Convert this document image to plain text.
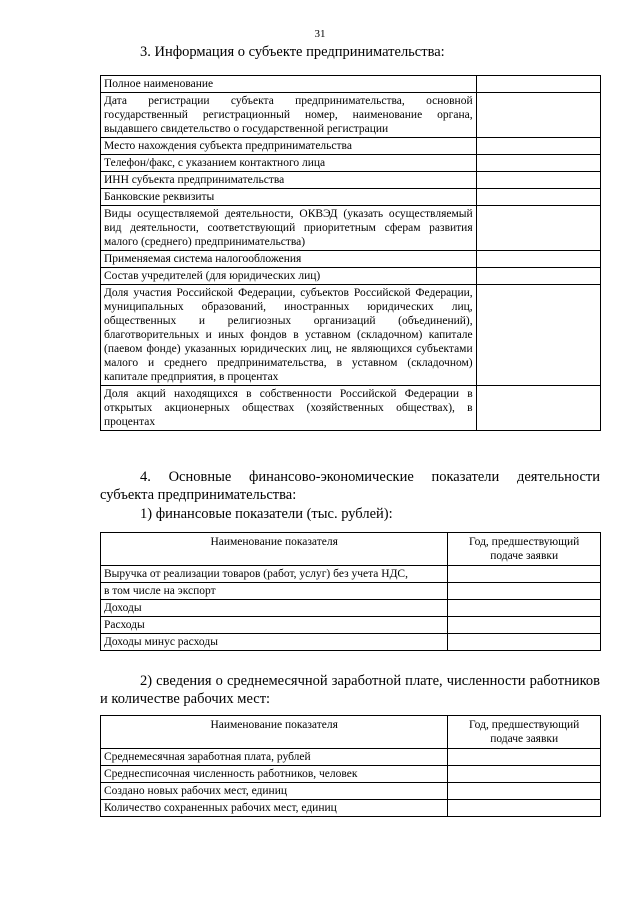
31
3. Информация о субъекте предпринимательства:
Полное наименование	
Дата регистрации субъекта предпринимательства, основной государственный регистрационный номер, наименование органа, выдавшего свидетельство о государственной регистрации	
Место нахождения субъекта предпринимательства	
Телефон/факс, с указанием контактного лица	
ИНН субъекта предпринимательства	
Банковские реквизиты	
Виды осуществляемой деятельности, ОКВЭД (указать осуществляемый вид деятельности, соответствующий приоритетным сферам развития малого (среднего) предпринимательства)	
Применяемая система налогообложения	
Состав учредителей (для юридических лиц)	
Доля участия Российской Федерации, субъектов Российской Федерации, муниципальных образований, иностранных юридических лиц, общественных и религиозных организаций (объединений), благотворительных и иных фондов в уставном (складочном) капитале (паевом фонде) указанных юридических лиц, не являющихся субъектами малого и среднего предпринимательства, в уставном (складочном) капитале предприятия, в процентах	
Доля акций находящихся в собственности Российской Федерации в открытых акционерных обществах (хозяйственных обществах), в процентах	
4. Основные финансово-экономические показатели деятельности субъекта предпринимательства:
1) финансовые показатели (тыс. рублей):
Наименование показателя	Год, предшествующий подаче заявки
Выручка от реализации товаров (работ, услуг) без учета НДС,	
в том числе на экспорт	
Доходы	
Расходы	
Доходы минус расходы	
2) сведения о среднемесячной заработной плате, численности работников и количестве рабочих мест:
Наименование показателя	Год, предшествующий подаче заявки
Среднемесячная заработная плата, рублей	
Среднесписочная численность работников, человек	
Создано новых рабочих мест, единиц	
Количество сохраненных рабочих мест, единиц	
